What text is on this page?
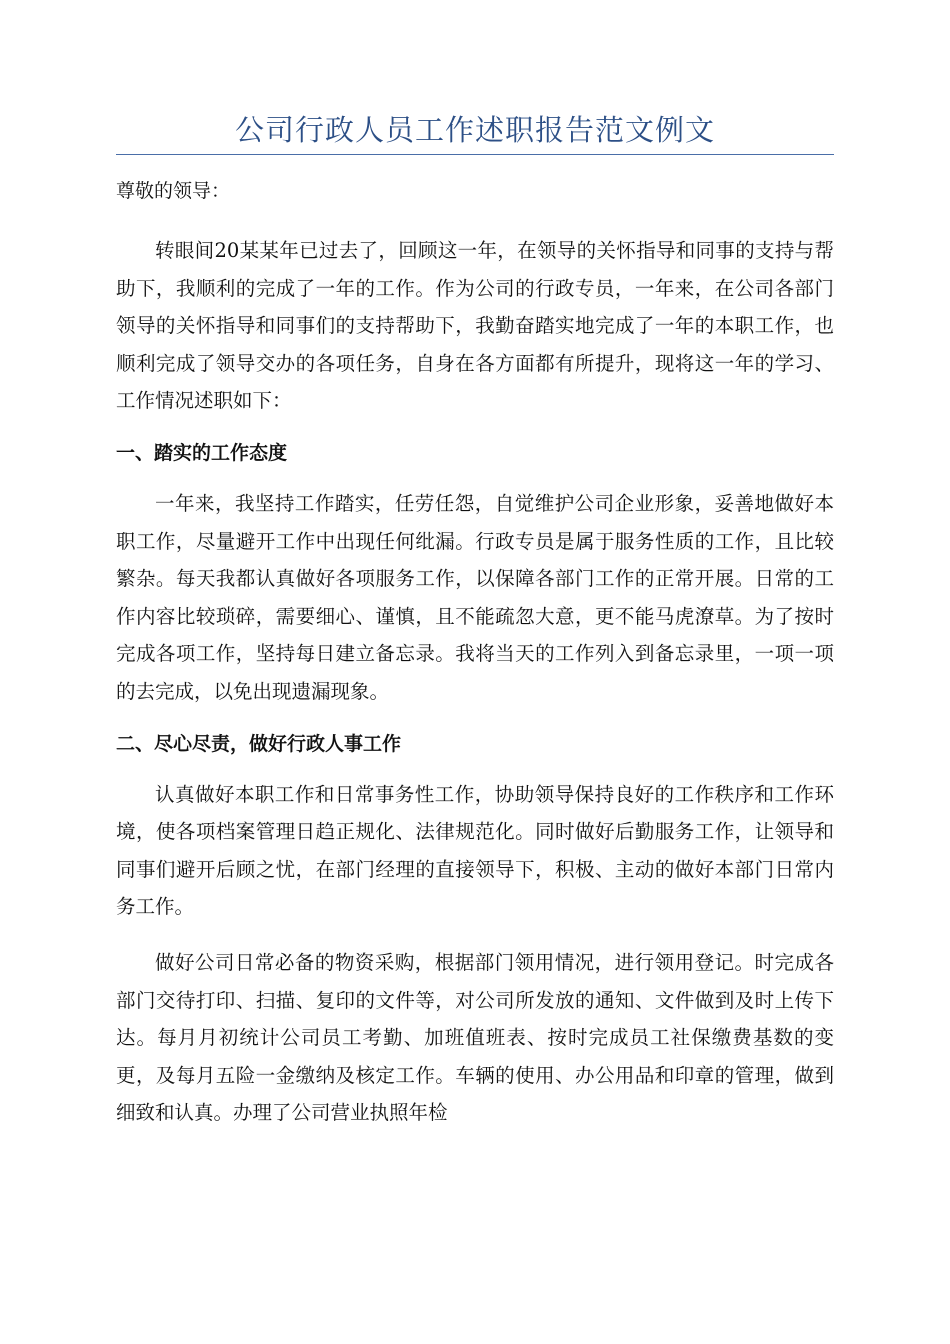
公司行政人员工作述职报告范文例文

尊敬的领导：

转眼间20某某年已过去了，回顾这一年，在领导的关怀指导和同事的支持与帮助下，我顺利的完成了一年的工作。作为公司的行政专员，一年来，在公司各部门领导的关怀指导和同事们的支持帮助下，我勤奋踏实地完成了一年的本职工作，也顺利完成了领导交办的各项任务，自身在各方面都有所提升，现将这一年的学习、工作情况述职如下：

一、踏实的工作态度

一年来，我坚持工作踏实，任劳任怨，自觉维护公司企业形象，妥善地做好本职工作，尽量避开工作中出现任何纰漏。行政专员是属于服务性质的工作，且比较繁杂。每天我都认真做好各项服务工作，以保障各部门工作的正常开展。日常的工作内容比较琐碎，需要细心、谨慎，且不能疏忽大意，更不能马虎潦草。为了按时完成各项工作，坚持每日建立备忘录。我将当天的工作列入到备忘录里，一项一项的去完成，以免出现遗漏现象。

二、尽心尽责，做好行政人事工作

认真做好本职工作和日常事务性工作，协助领导保持良好的工作秩序和工作环境，使各项档案管理日趋正规化、法律规范化。同时做好后勤服务工作，让领导和同事们避开后顾之忧，在部门经理的直接领导下，积极、主动的做好本部门日常内务工作。

做好公司日常必备的物资采购，根据部门领用情况，进行领用登记。时完成各部门交待打印、扫描、复印的文件等，对公司所发放的通知、文件做到及时上传下达。每月月初统计公司员工考勤、加班值班表、按时完成员工社保缴费基数的变更，及每月五险一金缴纳及核定工作。车辆的使用、办公用品和印章的管理，做到细致和认真。办理了公司营业执照年检
